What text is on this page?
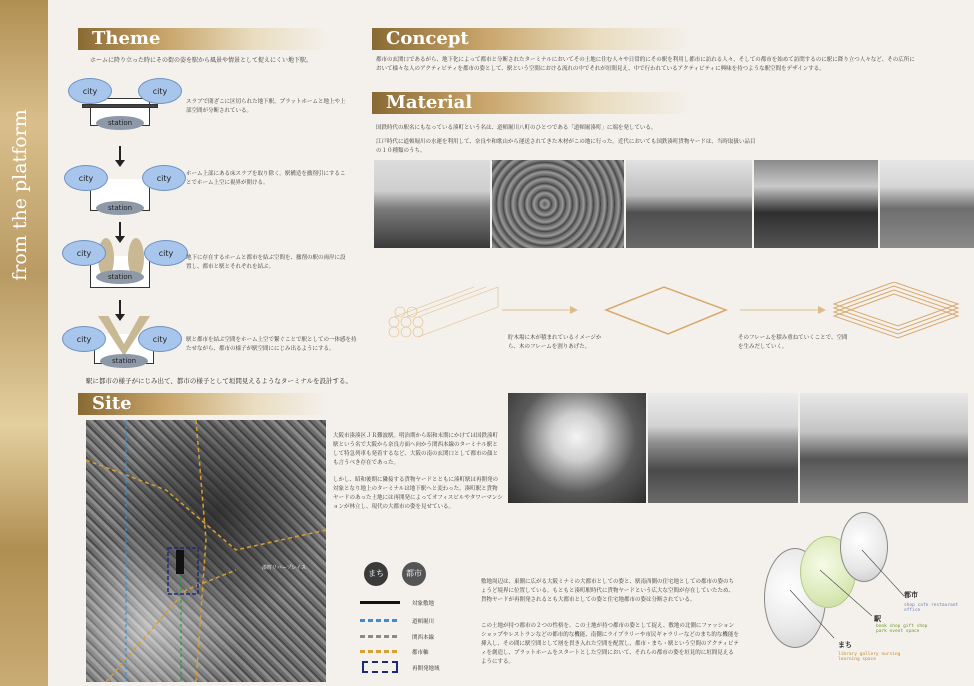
from the platform
Theme
ホームに降り立った時にその街の姿を駅から風景や情景として捉えにくい地下駅。
city	city
station
スラブで閉ざこに区切られた地下駅。プラットホームと地上や上部空間が分断されている。
city	city
station
ホーム上部にある床スラブを取り除く。駅構造を撤削引にすることでホーム上空に視界が開ける。
city	city
station
地下に存在するホームと都市を結ぶ空間を、撤削の駅の両岸に設置し、都市と駅とそれぞれを結ぶ。
city	city
station
駅と都市を結ぶ空間をホーム上空で繋ぐことで駅としての一体感を持たせながら、都市の様子が駅空間ににじみ出るようにする。
駅に都市の様子がにじみ出て、都市の様子として垣間見えるようなターミナルを設計する。
Concept
都市の玄関口であるがら、地下化によって都市と分断されたターミナルにおいてその土地に住む人々や日常的にその駅を利用し都市に訪れる人々、そしての都市を始めて訪問するのに駅に降り立つ人々など、その広所において様々な人のアクティビティを都市の姿として、駅という空間における流れの中でそれが垣間見え、中で行われているアクティビティに興味を持つような駅空間をデザインする。
Material
国鉄時代の駅名にもなっている湊町という名は、道頓堀川八町のひとつである「道頓堀湊町」に端を発している。
江戸時代に道頓堀川の水運を利用して、奈良や和歌山から運送されてきた木材がこの地に行った。近代においても国鉄湊町貨物ヤードは、当時取扱い品目の１０種類のうち。
貯木場に木が積まれているイメージから、木のフレームを割りあげた。
そのフレームを積み重ねていくことで、空間を生みだしていく。
Site
湊町リバープレイス
大阪市湊湊区ＪＲ難波駅。明治期から昭和末期にかけては国鉄湊町駅という名で大阪から奈良方面へ向かう関西本線のターミナル駅として特急列車も発着するなど、大阪の南の玄関口として都市の顔とも言うべき存在であった。
しかし、昭和後期に隣接する貨物ヤードとともに湊町駅は再開発の対象となり地上のターミナルは地下駅へと変わった。湊町駅と貨物ヤードのあった土地には再開発によってオフィスビルやタワーマンションが林立し、現代の大都市の姿を見せている。
まち	都市
対象敷地
道頓堀川
関西本線
都市軸
再開発地域
敷地周辺は、東側に広がる大阪ミナミの大都市としての姿と、駅南西側の住宅地としての都市の姿のちょうど境界に位置している。もともと湊町駅時代に貨物ヤードという広大な空間が存在していたため、貨物ヤードが再開発されるとも大都市としての姿と住宅地都市の姿は分断されている。
この土地が持つ都市の２つの性格を、この土地が持つ都市の姿として捉え、敷地の北側にファッションショップやレストランなどの都市的な機能、南側にライブラリーや市民ギャラリーなどのまち的な機能を挿入し、その間に駅空間として層を貫き入れた空間を配置し、都市・まち・駅という空間のアクティビティを創造し、プラットホームをスタートとした空間において、それらの都市の姿を垣見的に垣間見えるようにする。
都市
shop cafe restaurant office
駅
book shop gift shop park event space
まち
library gallery nursing learning space
